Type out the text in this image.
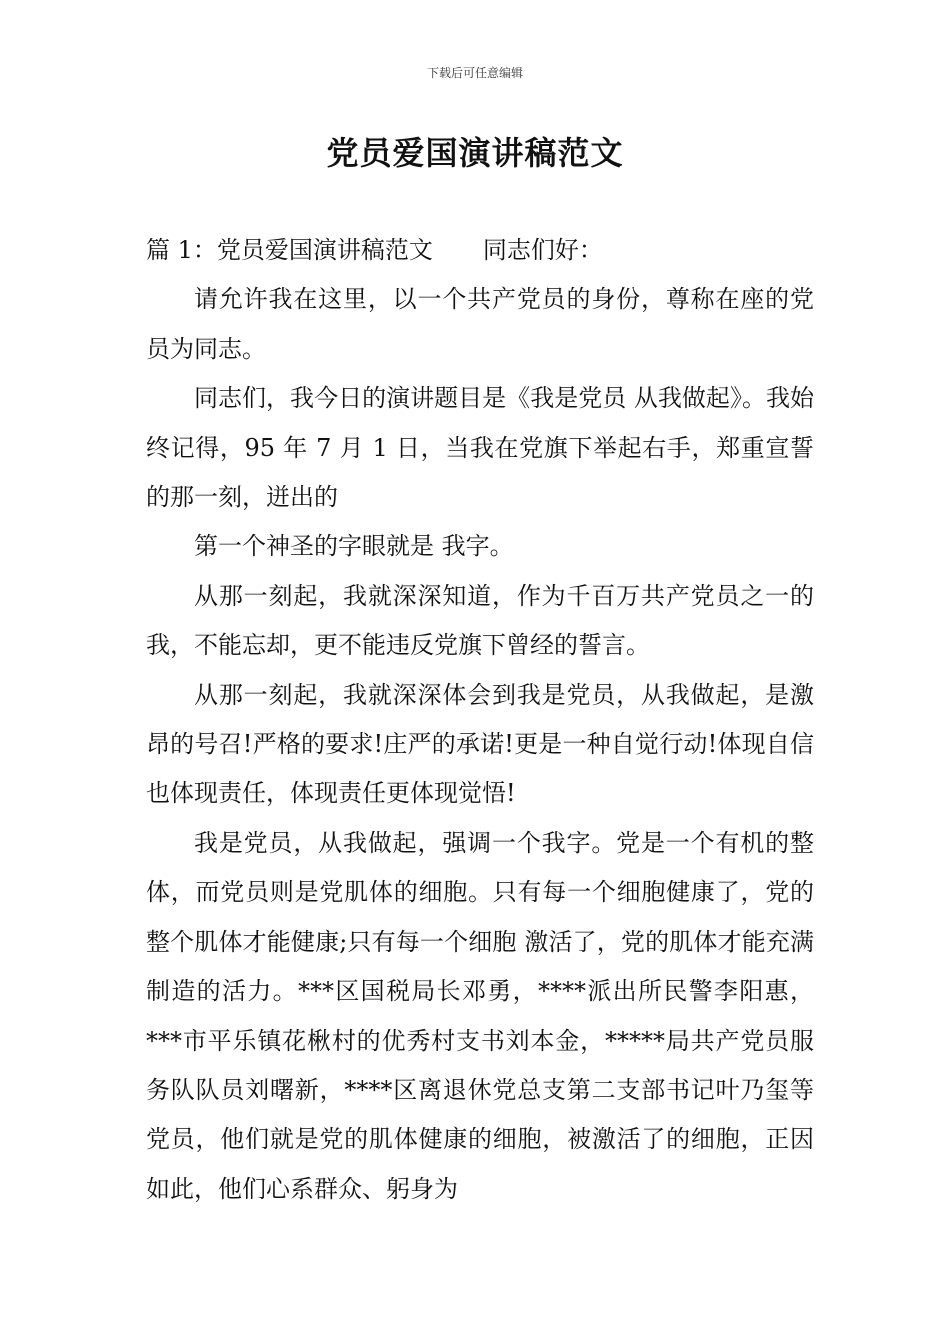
下载后可任意编辑
党员爱国演讲稿范文

篇 1：党员爱国演讲稿范文 同志们好：

请允许我在这里，以一个共产党员的身份，尊称在座的党员为同志。

同志们，我今日的演讲题目是《我是党员 从我做起》。我始终记得，95 年 7 月 1 日，当我在党旗下举起右手，郑重宣誓的那一刻，迸出的

第一个神圣的字眼就是 我字。

从那一刻起，我就深深知道，作为千百万共产党员之一的我，不能忘却，更不能违反党旗下曾经的誓言。

从那一刻起，我就深深体会到我是党员，从我做起，是激昂的号召!严格的要求!庄严的承诺!更是一种自觉行动!体现自信也体现责任，体现责任更体现觉悟!

我是党员，从我做起，强调一个我字。党是一个有机的整体，而党员则是党肌体的细胞。只有每一个细胞健康了，党的整个肌体才能健康;只有每一个细胞 激活了，党的肌体才能充满制造的活力。***区国税局长邓勇，****派出所民警李阳惠，***市平乐镇花楸村的优秀村支书刘本金，*****局共产党员服务队队员刘曙新，****区离退休党总支第二支部书记叶乃玺等党员，他们就是党的肌体健康的细胞，被激活了的细胞，正因如此，他们心系群众、躬身为
